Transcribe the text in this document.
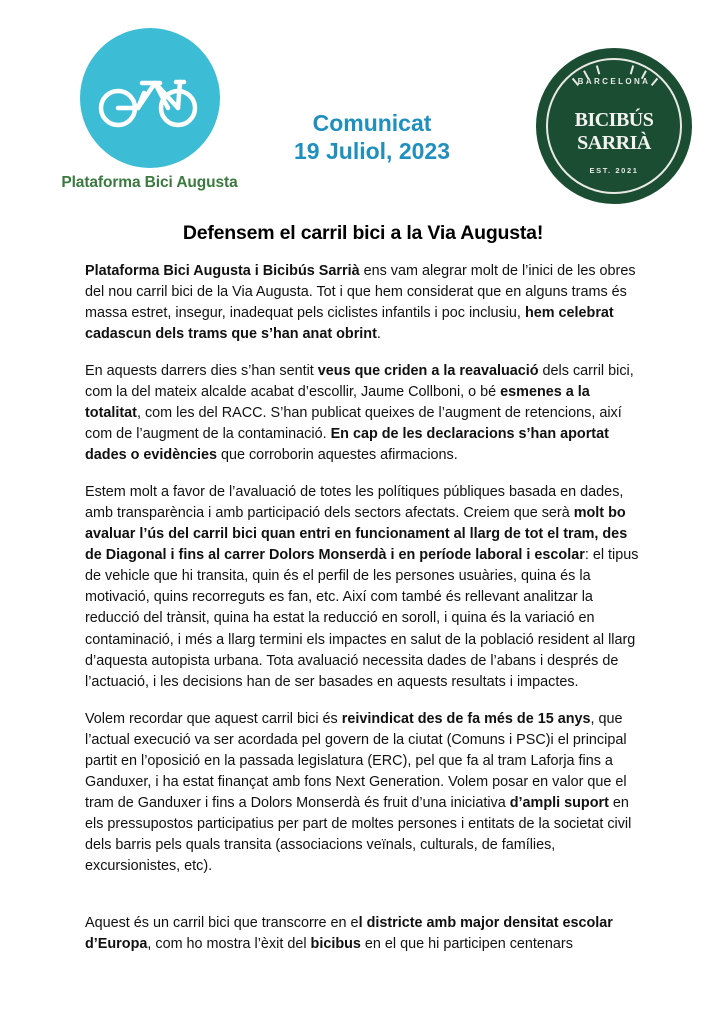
Plataforma Bici Augusta
Comunicat
19 Juliol, 2023
BARCELONA
BICIBÚS SARRIÀ
EST. 2021
Defensem el carril bici a la Via Augusta!

Plataforma Bici Augusta i Bicibús Sarrià ens vam alegrar molt de l’inici de les obres del nou carril bici de la Via Augusta. Tot i que hem considerat que en alguns trams és massa estret, insegur, inadequat pels ciclistes infantils i poc inclusiu, hem celebrat cadascun dels trams que s’han anat obrint.

En aquests darrers dies s’han sentit veus que criden a la reavaluació dels carril bici, com la del mateix alcalde acabat d’escollir, Jaume Collboni, o bé esmenes a la totalitat, com les del RACC. S’han publicat queixes de l’augment de retencions, així com de l’augment de la contaminació. En cap de les declaracions s’han aportat dades o evidències que corroborin aquestes afirmacions.

Estem molt a favor de l’avaluació de totes les polítiques públiques basada en dades, amb transparència i amb participació dels sectors afectats. Creiem que serà molt bo avaluar l’ús del carril bici quan entri en funcionament al llarg de tot el tram, des de Diagonal i fins al carrer Dolors Monserdà i en període laboral i escolar: el tipus de vehicle que hi transita, quin és el perfil de les persones usuàries, quina és la motivació, quins recorreguts es fan, etc. Així com també és rellevant analitzar la reducció del trànsit, quina ha estat la reducció en soroll, i quina és la variació en contaminació, i més a llarg termini els impactes en salut de la població resident al llarg d’aquesta autopista urbana. Tota avaluació necessita dades de l’abans i després de l’actuació, i les decisions han de ser basades en aquests resultats i impactes.

Volem recordar que aquest carril bici és reivindicat des de fa més de 15 anys, que l’actual execució va ser acordada pel govern de la ciutat (Comuns i PSC)i el principal partit en l’oposició en la passada legislatura (ERC), pel que fa al tram Laforja fins a Ganduxer, i ha estat finançat amb fons Next Generation. Volem posar en valor que el tram de Ganduxer i fins a Dolors Monserdà és fruit d’una iniciativa d’ampli suport en els pressupostos participatius per part de moltes persones i entitats de la societat civil dels barris pels quals transita (associacions veïnals, culturals, de famílies, excursionistes, etc).

Aquest és un carril bici que transcorre en el districte amb major densitat escolar d’Europa, com ho mostra l’èxit del bicibus en el que hi participen centenars
